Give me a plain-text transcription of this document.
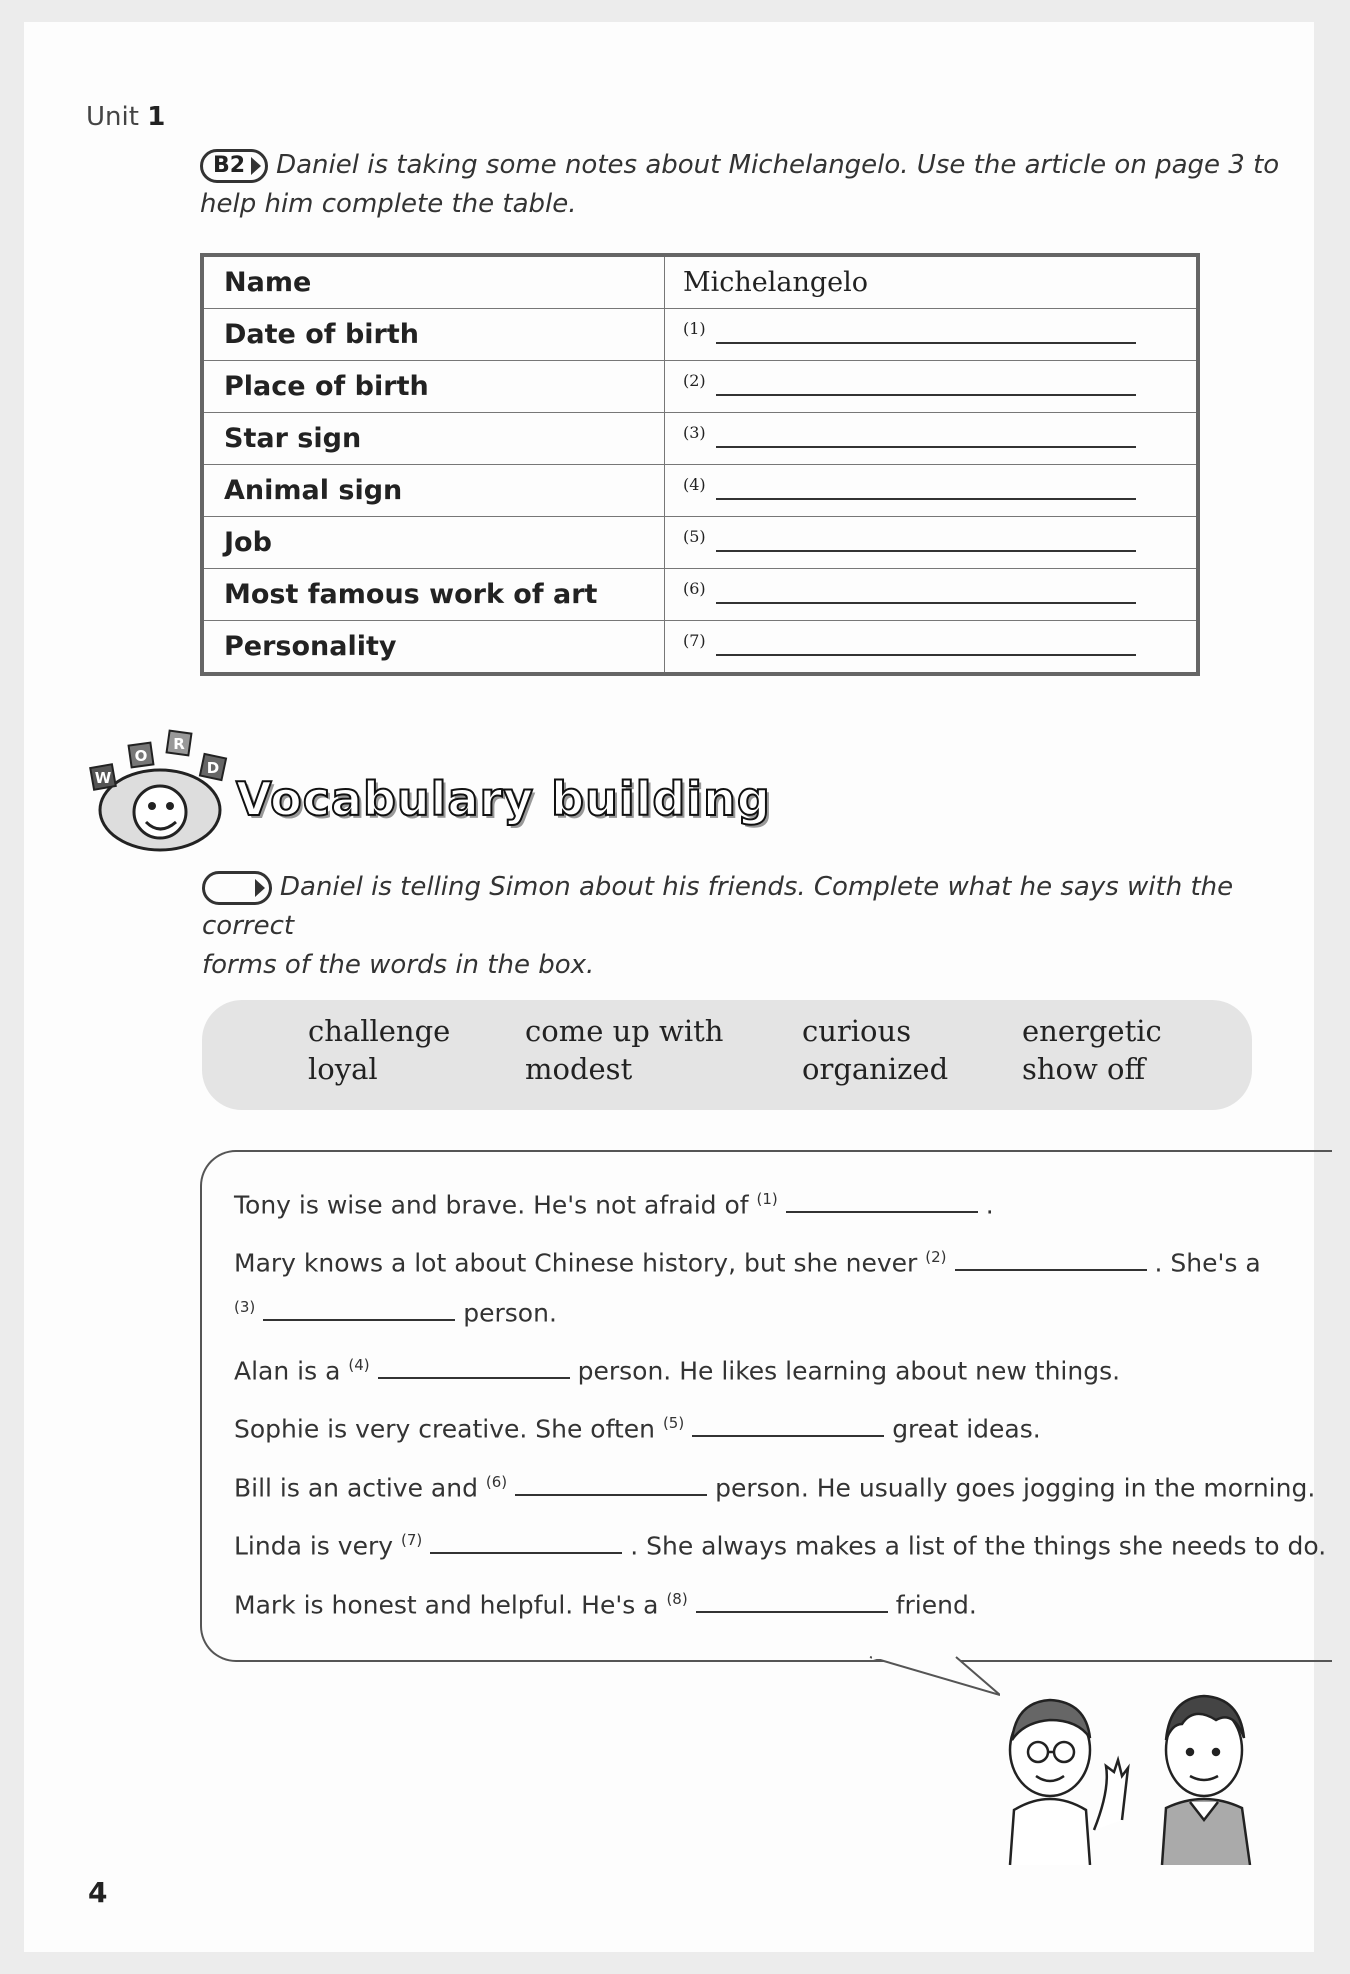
Unit 1
B2 Daniel is taking some notes about Michelangelo. Use the article on page 3 to
help him complete the table.
Name	Michelangelo
Date of birth	$^{(1)}$
Place of birth	$^{(2)}$
Star sign	$^{(3)}$
Animal sign	$^{(4)}$
Job	$^{(5)}$
Most famous work of art	$^{(6)}$
Personality	$^{(7)}$
W
O
R
D
Vocabulary building
Daniel is telling Simon about his friends. Complete what he says with the correct
forms of the words in the box.
challenge	come up with	curious	energetic
loyal	modest	organized	show off
Tony is wise and brave. He's not afraid of $^{(1)}$	.
Mary knows a lot about Chinese history, but she never $^{(2)}$	. She's a
$^{(3)}$	person.
Alan is a $^{(4)}$	person. He likes learning about new things.
Sophie is very creative. She often $^{(5)}$	great ideas.
Bill is an active and $^{(6)}$	person. He usually goes jogging in the morning.
Linda is very $^{(7)}$	. She always makes a list of the things she needs to do.
Mark is honest and helpful. He's a $^{(8)}$	friend.
4
